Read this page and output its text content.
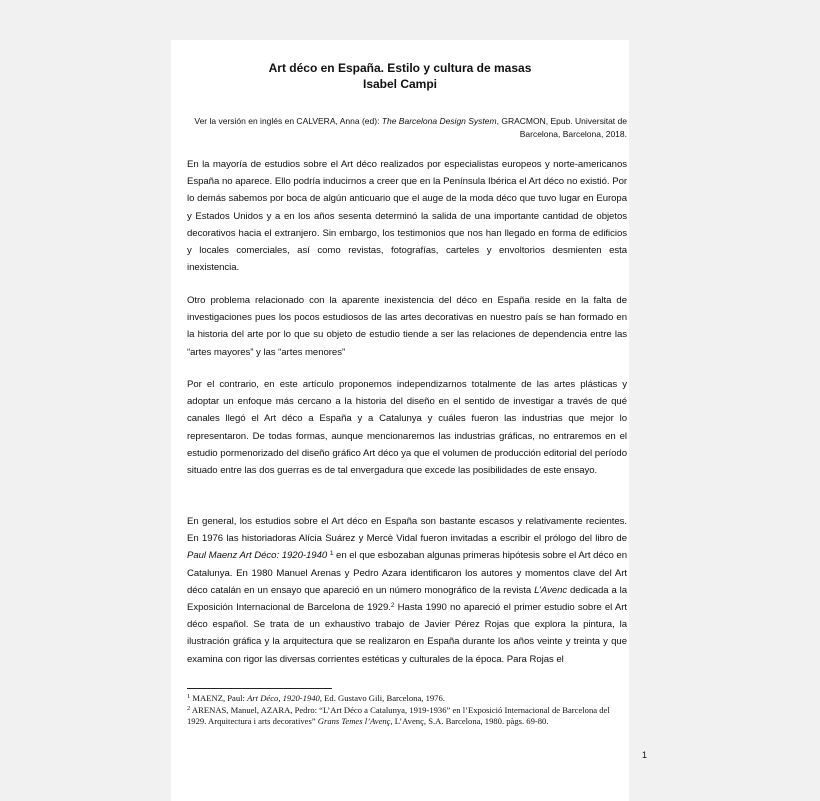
Art déco en España. Estilo y cultura de masas
Isabel Campi
Ver la versión en inglés en CALVERA, Anna (ed): The Barcelona Design System, GRACMON, Epub. Universitat de Barcelona, Barcelona, 2018.
En la mayoría de estudios sobre el Art déco realizados por especialistas europeos y norte-americanos España no aparece. Ello podría inducirnos a creer que en la Península Ibérica el Art déco no existió. Por lo demás sabemos por boca de algún anticuario que el auge de la moda déco que tuvo lugar en Europa y Estados Unidos y a en los años sesenta determinó la salida de una importante cantidad de objetos decorativos hacia el extranjero. Sin embargo, los testimonios que nos han llegado en forma de edificios y locales comerciales, así como revistas, fotografías, carteles y envoltorios desmienten esta inexistencia.
Otro problema relacionado con la aparente inexistencia del déco en España reside en la falta de investigaciones pues los pocos estudiosos de las artes decorativas en nuestro país se han formado en la historia del arte por lo que su objeto de estudio tiende a ser las relaciones de dependencia entre las “artes mayores” y las “artes menores”
Por el contrario, en este artículo proponemos independizarnos totalmente de las artes plásticas y adoptar un enfoque más cercano a la historia del diseño en el sentido de investigar a través de qué canales llegó el Art déco a España y a Catalunya y cuáles fueron las industrias que mejor lo representaron. De todas formas, aunque mencionaremos las industrias gráficas, no entraremos en el estudio pormenorizado del diseño gráfico Art déco ya que el volumen de producción editorial del período situado entre las dos guerras es de tal envergadura que excede las posibilidades de este ensayo.
En general, los estudios sobre el Art déco en España son bastante escasos y relativamente recientes. En 1976 las historiadoras Alícia Suárez y Mercè Vidal fueron invitadas a escribir el prólogo del libro de Paul Maenz Art Déco: 1920-1940 $^1$ en el que esbozaban algunas primeras hipótesis sobre el Art déco en Catalunya. En 1980 Manuel Arenas y Pedro Azara identificaron los autores y momentos clave del Art déco catalán en un ensayo que apareció en un número monográfico de la revista L’Avenc dedicada a la Exposición Internacional de Barcelona de 1929.$^2$ Hasta 1990 no apareció el primer estudio sobre el Art déco español. Se trata de un exhaustivo trabajo de Javier Pérez Rojas que explora la pintura, la ilustración gráfica y la arquitectura que se realizaron en España durante los años veinte y treinta y que examina con rigor las diversas corrientes estéticas y culturales de la época. Para Rojas el
$^1$ MAENZ, Paul: Art Déco, 1920-1940, Ed. Gustavo Gili, Barcelona, 1976.
$^2$ ARENAS, Manuel, AZARA, Pedro: “L’Art Déco a Catalunya, 1919-1936” en l’Exposició Internacional de Barcelona del 1929. Arquitectura i arts decoratives” Grans Temes l’Avenç, L’Avenç, S.A. Barcelona, 1980. pàgs. 69-80.
1
